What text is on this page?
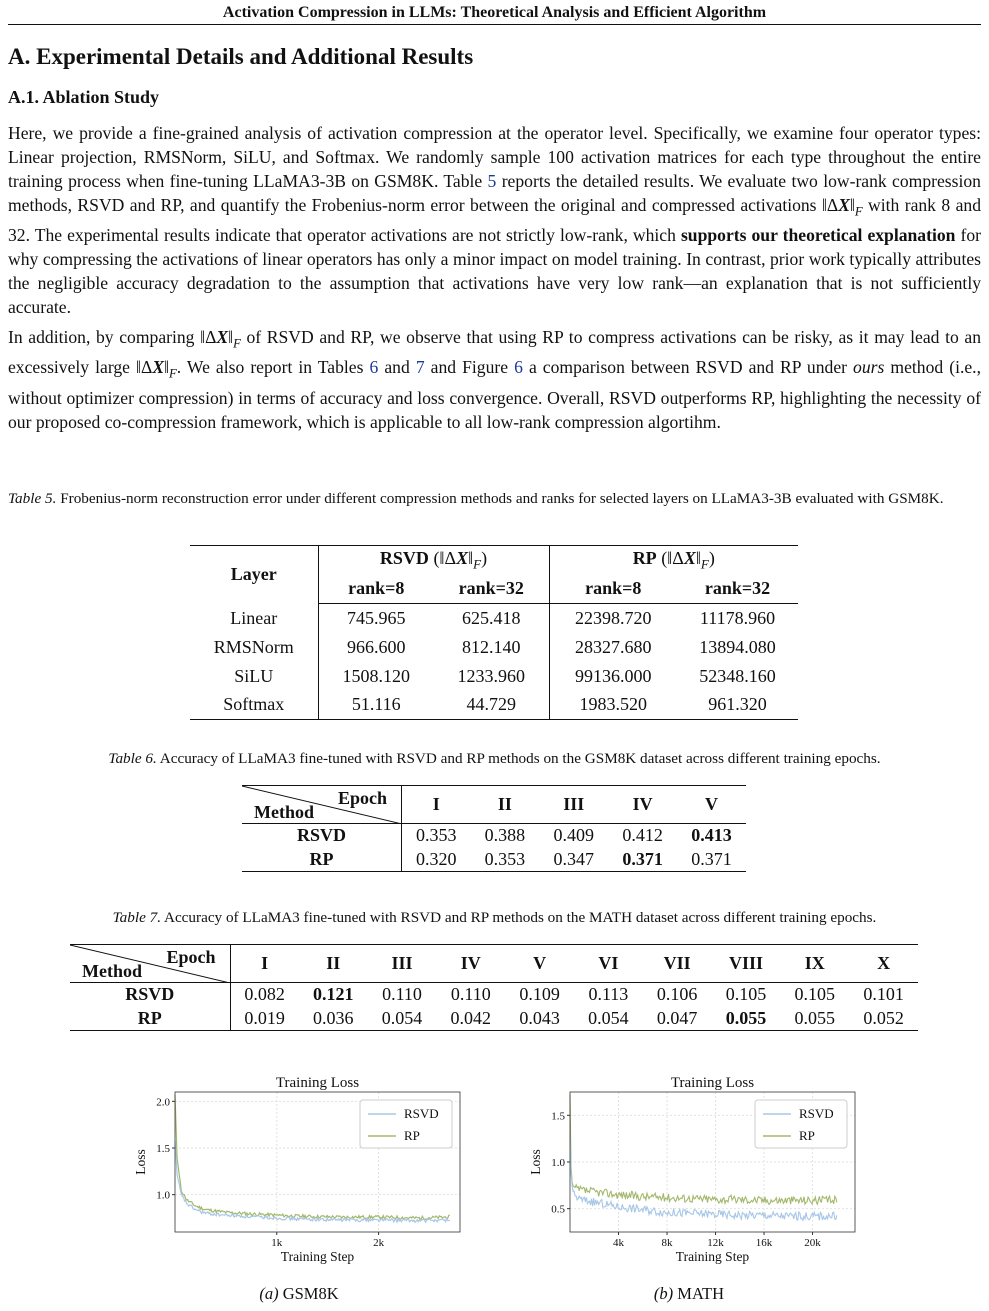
Activation Compression in LLMs: Theoretical Analysis and Efficient Algorithm
A. Experimental Details and Additional Results
A.1. Ablation Study
Here, we provide a fine-grained analysis of activation compression at the operator level. Specifically, we examine four operator types: Linear projection, RMSNorm, SiLU, and Softmax. We randomly sample 100 activation matrices for each type throughout the entire training process when fine-tuning LLaMA3-3B on GSM8K. Table 5 reports the detailed results. We evaluate two low-rank compression methods, RSVD and RP, and quantify the Frobenius-norm error between the original and compressed activations $‖\Delta X‖_F$ with rank 8 and 32. The experimental results indicate that operator activations are not strictly low-rank, which supports our theoretical explanation for why compressing the activations of linear operators has only a minor impact on model training. In contrast, prior work typically attributes the negligible accuracy degradation to the assumption that activations have very low rank—an explanation that is not sufficiently accurate.
In addition, by comparing $‖\Delta X‖_F$ of RSVD and RP, we observe that using RP to compress activations can be risky, as it may lead to an excessively large $‖\Delta X‖_F$. We also report in Tables 6 and 7 and Figure 6 a comparison between RSVD and RP under ours method (i.e., without optimizer compression) in terms of accuracy and loss convergence. Overall, RSVD outperforms RP, highlighting the necessity of our proposed co-compression framework, which is applicable to all low-rank compression algortihm.
Table 5. Frobenius-norm reconstruction error under different compression methods and ranks for selected layers on LLaMA3-3B evaluated with GSM8K.
Layer	RSVD $(‖\Delta X‖_F)$		RP $(‖\Delta X‖_F)$	
	rank=8	rank=32	rank=8	rank=32
Linear	745.965	625.418	22398.720	11178.960
RMSNorm	966.600	812.140	28327.680	13894.080
SiLU	1508.120	1233.960	99136.000	52348.160
Softmax	51.116	44.729	1983.520	961.320
Table 6. Accuracy of LLaMA3 fine-tuned with RSVD and RP methods on the GSM8K dataset across different training epochs.
Epoch
Method	I	II	III	IV	V
RSVD	0.353	0.388	0.409	0.412	0.413
RP	0.320	0.353	0.347	0.371	0.371
Table 7. Accuracy of LLaMA3 fine-tuned with RSVD and RP methods on the MATH dataset across different training epochs.
Epoch
Method	I	II	III	IV	V	VI	VII	VIII	IX	X
RSVD	0.082	0.121	0.110	0.110	0.109	0.113	0.106	0.105	0.105	0.101
RP	0.019	0.036	0.054	0.042	0.043	0.054	0.047	0.055	0.055	0.052
Training Loss
1k	2k
1.0
1.5
2.0
Training Step
Loss
RSVD
RP
Training Loss
4k	8k	12k	16k	20k
0.5
1.0
1.5
Training Step
Loss
RSVD
RP
(a) GSM8K	(b) MATH
